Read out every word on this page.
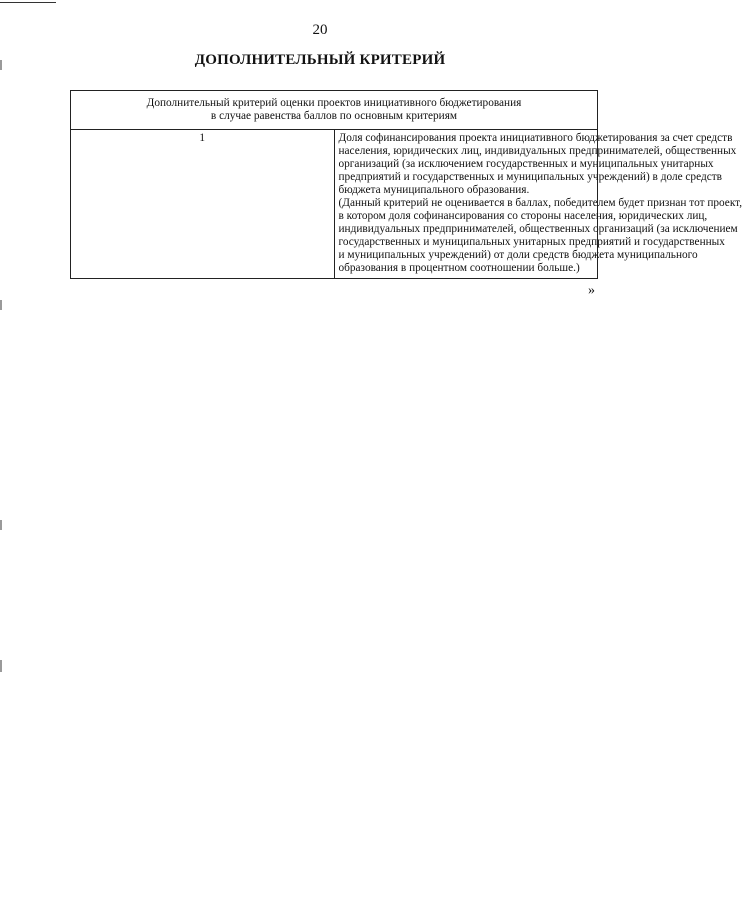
20
ДОПОЛНИТЕЛЬНЫЙ КРИТЕРИЙ
Дополнительный критерий оценки проектов инициативного бюджетирования
в случае равенства баллов по основным критериям

1	Доля софинансирования проекта инициативного бюджетирования за счет средств
населения, юридических лиц, индивидуальных предпринимателей, общественных
организаций (за исключением государственных и муниципальных унитарных
предприятий и государственных и муниципальных учреждений) в доле средств
бюджета муниципального образования.
(Данный критерий не оценивается в баллах, победителем будет признан тот проект,
в котором доля софинансирования со стороны населения, юридических лиц,
индивидуальных предпринимателей, общественных организаций (за исключением
государственных и муниципальных унитарных предприятий и государственных
и муниципальных учреждений) от доли средств бюджета муниципального
образования в процентном соотношении больше.)
»
